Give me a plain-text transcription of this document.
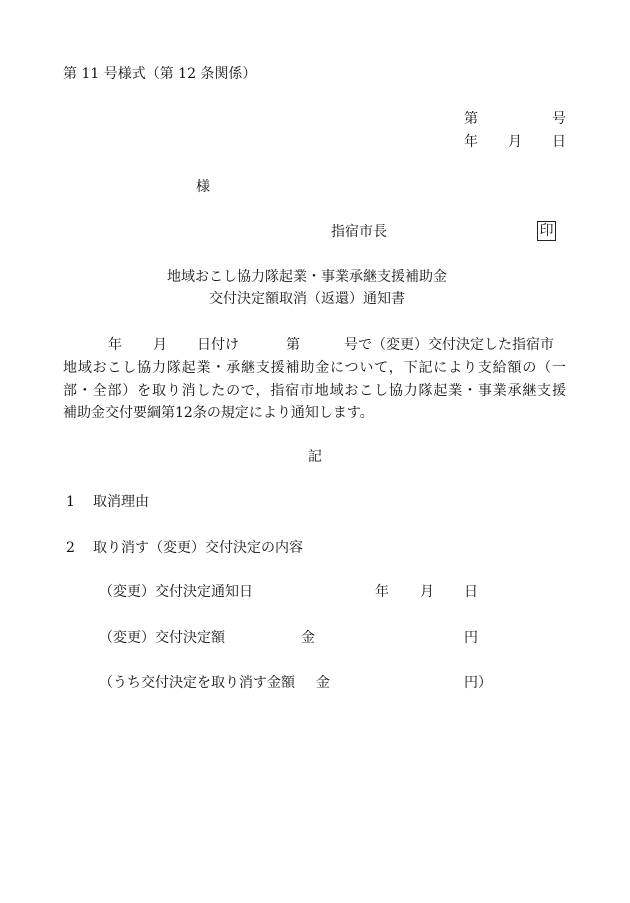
第 11 号様式（第 12 条関係）
第	号
年 月 日
様
指宿市長	印
地域おこし協力隊起業・事業承継支援補助金
交付決定額取消（返還）通知書
年 月 日付け	第	号で（変更）交付決定した指宿市
地域おこし協力隊起業・承継支援補助金について，下記により支給額の（一
部・全部）を取り消したので，指宿市地域おこし協力隊起業・事業承継支援
補助金交付要綱第12条の規定により通知します。
記
1 取消理由
2 取り消す（変更）交付決定の内容
（変更）交付決定通知日	年 月 日
（変更）交付決定額	金	円
（うち交付決定を取り消す金額 金	円）
